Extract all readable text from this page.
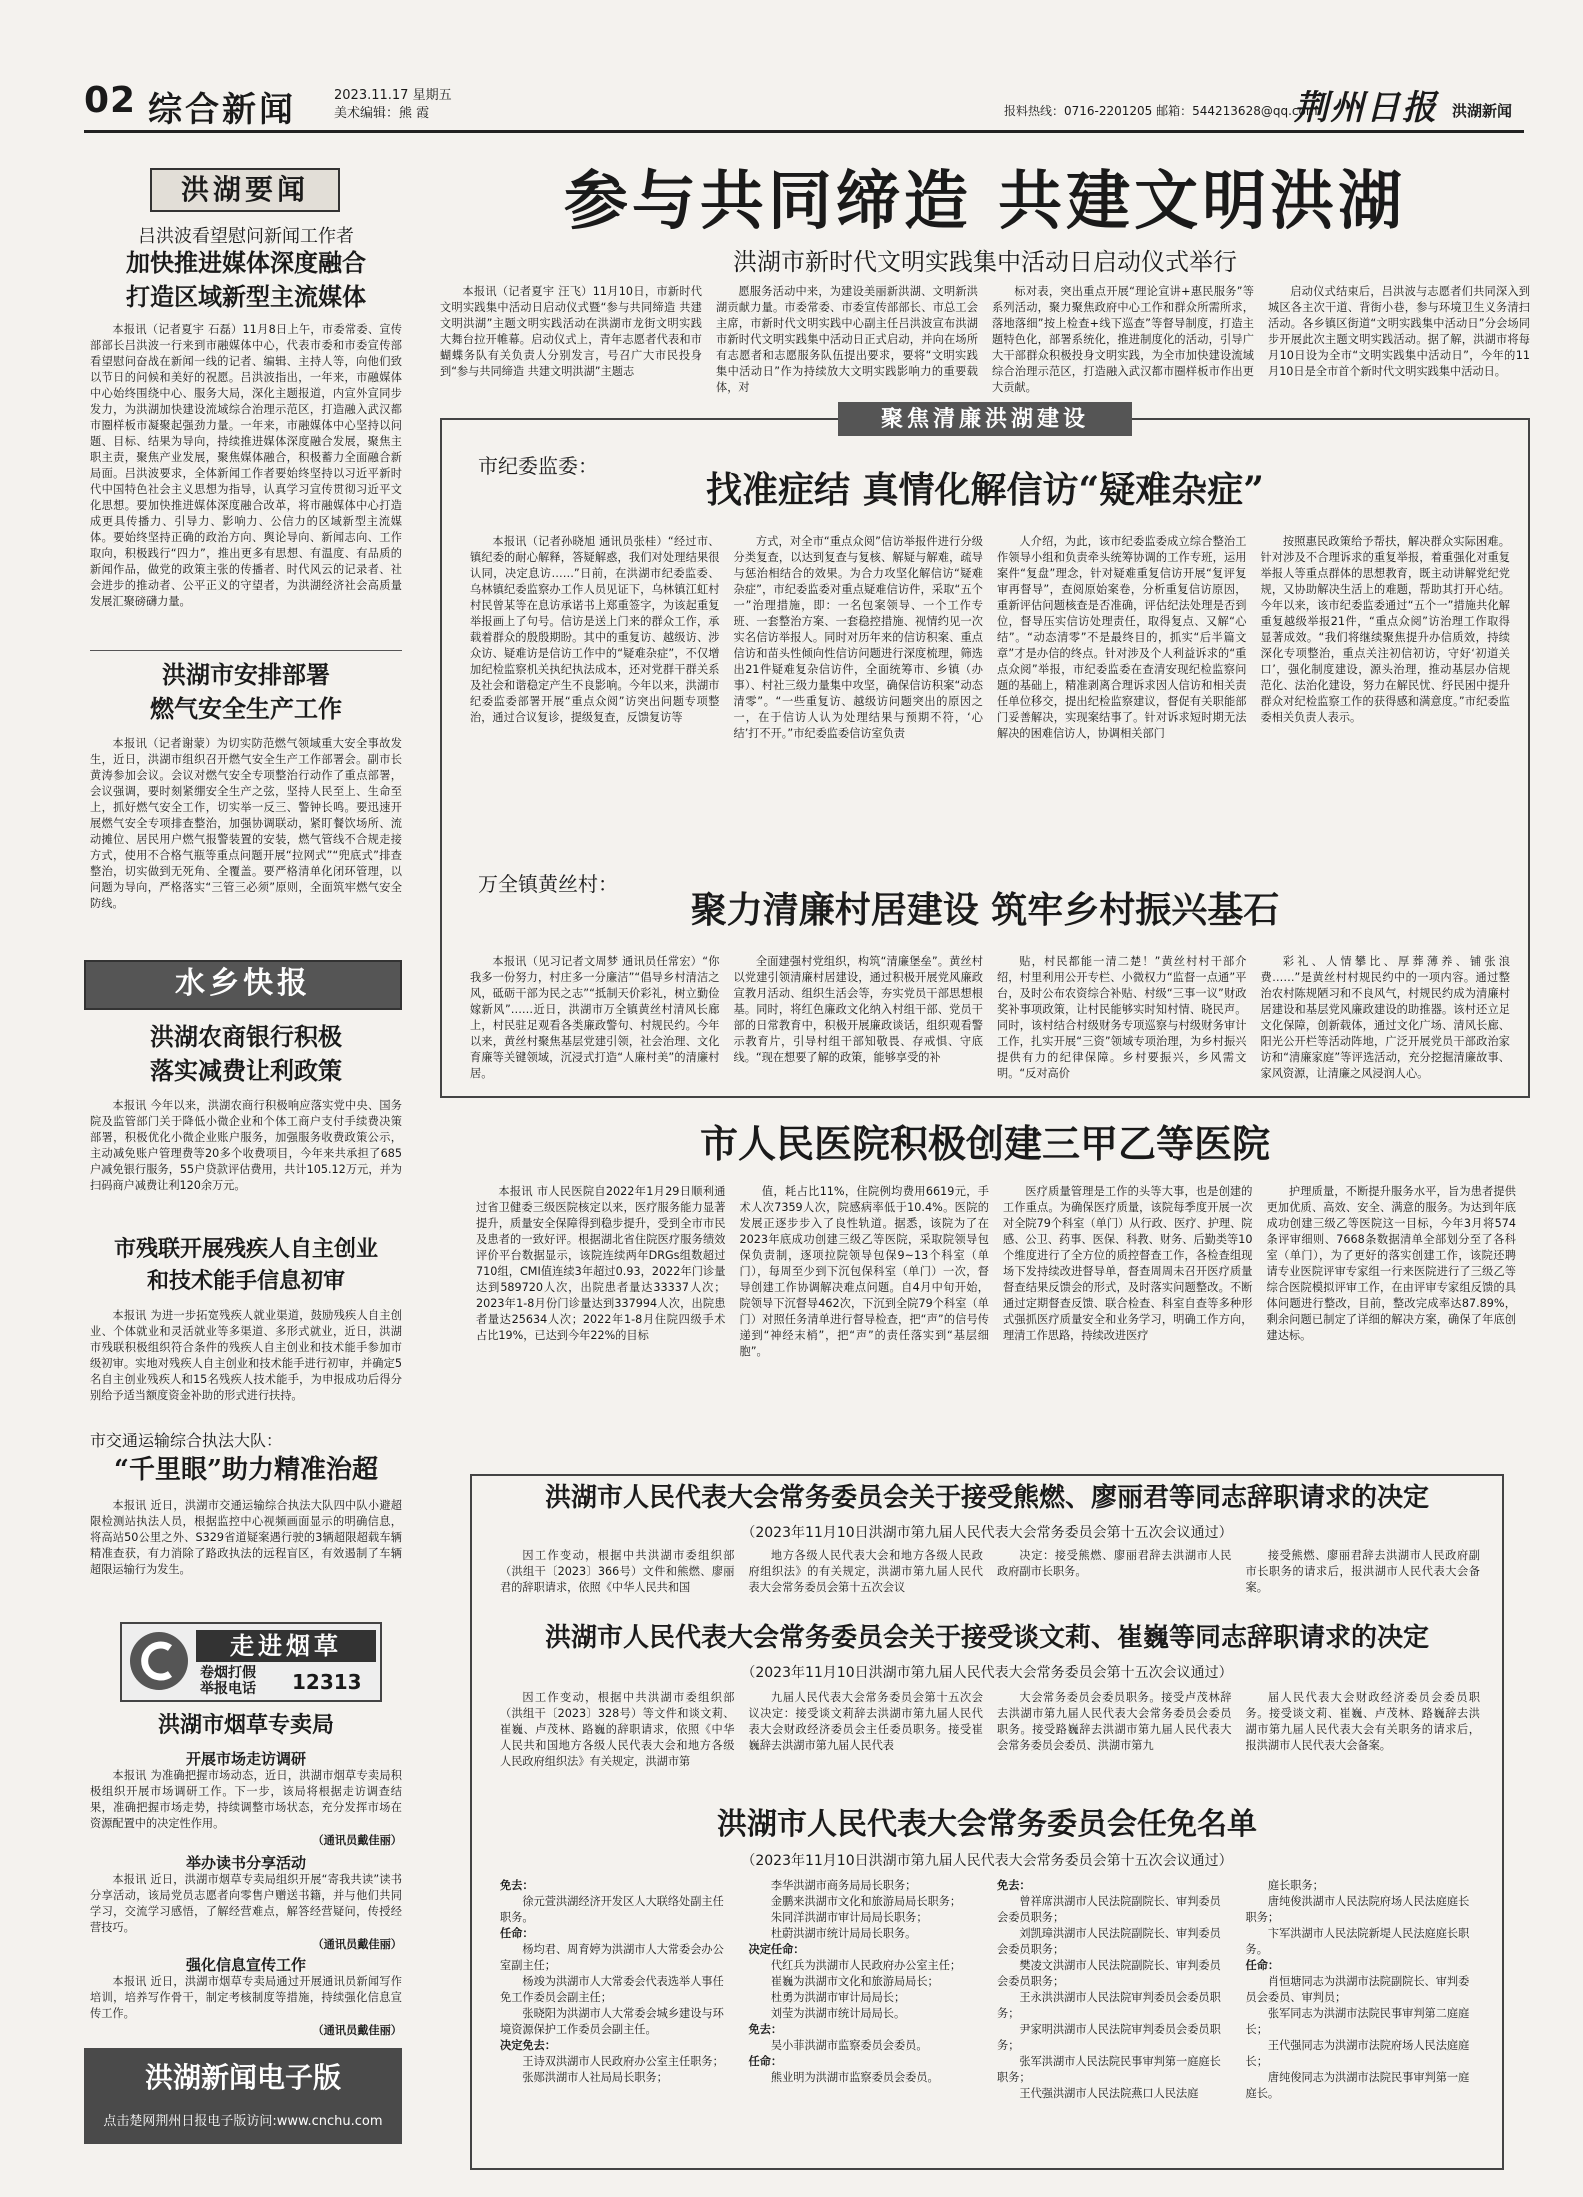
02 综合新闻	2023.11.17 星期五
美术编辑：熊 霞	报料热线：0716-2201205 邮箱：544213628@qq.com
荆州日报 洪湖新闻
洪湖要闻
吕洪波看望慰问新闻工作者
加快推进媒体深度融合
打造区域新型主流媒体
本报讯（记者夏宇 石磊）11月8日上午，市委常委、宣传部部长吕洪波一行来到市融媒体中心，代表市委和市委宣传部看望慰问奋战在新闻一线的记者、编辑、主持人等，向他们致以节日的问候和美好的祝愿。吕洪波指出，一年来，市融媒体中心始终围绕中心、服务大局，深化主题报道，内宣外宣同步发力，为洪湖加快建设流域综合治理示范区，打造融入武汉都市圈样板市凝聚起强劲力量。一年来，市融媒体中心坚持以问题、目标、结果为导向，持续推进媒体深度融合发展，聚焦主职主责，聚焦产业发展，聚焦媒体融合，积极蓄力全面融合新局面。吕洪波要求，全体新闻工作者要始终坚持以习近平新时代中国特色社会主义思想为指导，认真学习宣传贯彻习近平文化思想。要加快推进媒体深度融合改革，将市融媒体中心打造成更具传播力、引导力、影响力、公信力的区域新型主流媒体。要始终坚持正确的政治方向、舆论导向、新闻志向、工作取向，积极践行“四力”，推出更多有思想、有温度、有品质的新闻作品，做党的政策主张的传播者、时代风云的记录者、社会进步的推动者、公平正义的守望者，为洪湖经济社会高质量发展汇聚磅礴力量。
洪湖市安排部署
燃气安全生产工作
本报讯（记者谢蒙）为切实防范燃气领域重大安全事故发生，近日，洪湖市组织召开燃气安全生产工作部署会。副市长黄涛参加会议。会议对燃气安全专项整治行动作了重点部署，会议强调，要时刻紧绷安全生产之弦，坚持人民至上、生命至上，抓好燃气安全工作，切实举一反三、警钟长鸣。要迅速开展燃气安全专项排查整治，加强协调联动，紧盯餐饮场所、流动摊位、居民用户燃气报警装置的安装，燃气管线不合规走接方式，使用不合格气瓶等重点问题开展“拉网式”“兜底式”排查整治，切实做到无死角、全覆盖。要严格清单化闭环管理，以问题为导向，严格落实“三管三必须”原则，全面筑牢燃气安全防线。
水乡快报
洪湖农商银行积极
落实减费让利政策
本报讯 今年以来，洪湖农商行积极响应落实党中央、国务院及监管部门关于降低小微企业和个体工商户支付手续费决策部署，积极优化小微企业账户服务，加强服务收费政策公示，主动减免账户管理费等20多个收费项目，今年来共承担了685户减免银行服务，55户贷款评估费用，共计105.12万元，并为扫码商户减费让利120余万元。
市残联开展残疾人自主创业
和技术能手信息初审
本报讯 为进一步拓宽残疾人就业渠道，鼓励残疾人自主创业、个体就业和灵活就业等多渠道、多形式就业，近日，洪湖市残联积极组织符合条件的残疾人自主创业和技术能手参加市级初审。实地对残疾人自主创业和技术能手进行初审，并确定5名自主创业残疾人和15名残疾人技术能手，为申报成功后得分别给予适当额度资金补助的形式进行扶持。
市交通运输综合执法大队：
“千里眼”助力精准治超
本报讯 近日，洪湖市交通运输综合执法大队四中队小避超限检测站执法人员，根据监控中心视频画面显示的明确信息，将高站50公里之外、S329省道疑案遇行驶的3辆超限超载车辆精准查获，有力消除了路政执法的远程盲区，有效遏制了车辆超限运输行为发生。
走进烟草
卷烟打假
举报电话 12313
洪湖市烟草专卖局
开展市场走访调研
本报讯 为准确把握市场动态，近日，洪湖市烟草专卖局积极组织开展市场调研工作。下一步，该局将根据走访调查结果，准确把握市场走势，持续调整市场状态，充分发挥市场在资源配置中的决定性作用。
（通讯员戴佳丽）
举办读书分享活动
本报讯 近日，洪湖市烟草专卖局组织开展“寄我共读”读书分享活动，该局党员志愿者向零售户赠送书籍，并与他们共同学习，交流学习感悟，了解经营难点，解答经营疑问，传授经营技巧。
（通讯员戴佳丽）
强化信息宣传工作
本报讯 近日，洪湖市烟草专卖局通过开展通讯员新闻写作培训，培养写作骨干，制定考核制度等措施，持续强化信息宣传工作。
（通讯员戴佳丽）
洪湖新闻电子版
点击楚网荆州日报电子版访问:www.cnchu.com
参与共同缔造 共建文明洪湖
洪湖市新时代文明实践集中活动日启动仪式举行
本报讯（记者夏宇 汪飞）11月10日，市新时代文明实践集中活动日启动仪式暨“参与共同缔造 共建文明洪湖”主题文明实践活动在洪湖市龙街文明实践大舞台拉开帷幕。启动仪式上，青年志愿者代表和市蝴蝶务队有关负责人分别发言，号召广大市民投身到“参与共同缔造 共建文明洪湖”主题志
愿服务活动中来，为建设美丽新洪湖、文明新洪湖贡献力量。市委常委、市委宣传部部长、市总工会主席，市新时代文明实践中心副主任吕洪波宣布洪湖市新时代文明实践集中活动日正式启动，并向在场所有志愿者和志愿服务队伍提出要求，要将“文明实践集中活动日”作为持续放大文明实践影响力的重要载体，对
标对表，突出重点开展“理论宣讲+惠民服务”等系列活动，聚力聚焦政府中心工作和群众所需所求，落地落细”按上检查+线下巡查”等督导制度，打造主题特色化，部署系统化，推进制度化的活动，引导广大干部群众积极投身文明实践，为全市加快建设流域综合治理示范区，打造融入武汉都市圈样板市作出更大贡献。
启动仪式结束后，吕洪波与志愿者们共同深入到城区各主次干道、背街小巷，参与环境卫生义务清扫活动。各乡镇区街道“文明实践集中活动日”分会场同步开展此次主题文明实践活动。据了解，洪湖市将每月10日设为全市“文明实践集中活动日”，今年的11月10日是全市首个新时代文明实践集中活动日。
聚焦清廉洪湖建设
市纪委监委：
找准症结 真情化解信访“疑难杂症”
本报讯（记者孙晓旭 通讯员张桂）“经过市、镇纪委的耐心解释，答疑解惑，我们对处理结果很认同，决定息访……”日前，在洪湖市纪委监委、乌林镇纪委监察办工作人员见证下，乌林镇江虹村村民曾某等在息访承诺书上郑重签字，为该起重复举报画上了句号。信访是送上门来的群众工作，承载着群众的殷殷期盼。其中的重复访、越级访、涉众访、疑难访是信访工作中的“疑难杂症”，不仅增加纪检监察机关执纪执法成本，还对党群干群关系及社会和谐稳定产生不良影响。今年以来，洪湖市纪委监委部署开展“重点众阅”访突出问题专项整治，通过合议复诊，提级复查，反馈复访等
方式，对全市“重点众阅”信访举报件进行分级分类复查，以达到复查与复核、解疑与解难，疏导与惩治相结合的效果。为合力攻坚化解信访“疑难杂症”，市纪委监委对重点疑难信访件，采取“五个一”治理措施，即：一名包案领导、一个工作专班、一套整治方案、一套稳控措施、视情约见一次实名信访举报人。同时对历年来的信访积案、重点信访和苗头性倾向性信访问题进行深度梳理，筛选出21件疑难复杂信访件，全面统筹市、乡镇（办事）、村社三级力量集中攻坚，确保信访积案“动态清零”。“一些重复访、越级访问题突出的原因之一，在于信访人认为处理结果与预期不符，‘心结’打不开。”市纪委监委信访室负责
人介绍，为此，该市纪委监委成立综合整治工作领导小组和负责牵头统筹协调的工作专班，运用案件“复盘”理念，针对疑难重复信访开展“复评复审再督导”，查阅原始案卷，分析重复信访原因，重新评估问题核查是否准确，评估纪法处理是否到位，督导压实信访处理责任，取得复点、又解“心结”。“动态清零”不是最终目的，抓实“后半篇文章”才是办信的终点。针对涉及个人利益诉求的“重点众阅”举报，市纪委监委在查清安现纪检监察问题的基础上，精准剥离合理诉求因人信访和相关责任单位移交，提出纪检监察建议，督促有关职能部门妥善解决，实现案结事了。针对诉求短时期无法解决的困难信访人，协调相关部门
按照惠民政策给予帮扶，解决群众实际困难。针对涉及不合理诉求的重复举报，着重强化对重复举报人等重点群体的思想教育，既主动讲解党纪党规，又协助解决生活上的难题，帮助其打开心结。今年以来，该市纪委监委通过“五个一”措施共化解重复越级举报21件，“重点众阅”访治理工作取得显著成效。“我们将继续聚焦提升办信质效，持续深化专项整治，重点关注初信初访，守好‘初道关口’，强化制度建设，源头治理，推动基层办信规范化、法治化建设，努力在解民忧、纾民困中提升群众对纪检监察工作的获得感和满意度。”市纪委监委相关负责人表示。
万全镇黄丝村：
聚力清廉村居建设 筑牢乡村振兴基石
本报讯（见习记者文周梦 通讯员任常宏）“你我多一份努力，村庄多一分廉洁”“倡导乡村清洁之风，砥砺干部为民之志”“抵制天价彩礼，树立勤俭嫁新风”……近日，洪湖市万全镇黄丝村清风长廊上，村民驻足观看各类廉政警句、村规民约。今年以来，黄丝村聚焦基层党建引领，社会治理、文化育廉等关键领域，沉浸式打造“人廉村美”的清廉村居。
全面建强村党组织，构筑“清廉堡垒”。黄丝村以党建引领清廉村居建设，通过积极开展党风廉政宣教月活动、组织生活会等，夯实党员干部思想根基。同时，将红色廉政文化纳入村组干部、党员干部的日常教育中，积极开展廉政谈话，组织观看警示教育片，引导村组干部知敬畏、存戒惧、守底线。“现在想要了解的政策，能够享受的补
贴，村民都能一清二楚！”黄丝村村干部介绍，村里利用公开专栏、小微权力“监督一点通”平台，及时公布农资综合补贴、村级“三事一议”财政奖补事项政策，让村民能够实时知村情、晓民声。同时，该村结合村级财务专项巡察与村级财务审计工作，扎实开展“三资”领域专项治理，为乡村振兴提供有力的纪律保障。乡村要振兴，乡风需文明。“反对高价
彩礼、人情攀比、厚葬薄养、铺张浪费……”是黄丝村村规民约中的一项内容。通过整治农村陈规陋习和不良风气，村规民约成为清廉村居建设和基层党风廉政建设的助推器。该村还立足文化保障，创新载体，通过文化广场、清风长廊、阳光公开栏等活动阵地，广泛开展党员干部政治家访和“清廉家庭”等评选活动，充分挖掘清廉故事、家风资源，让清廉之风浸润人心。
市人民医院积极创建三甲乙等医院
本报讯 市人民医院自2022年1月29日顺利通过省卫健委三级医院核定以来，医疗服务能力显著提升，质量安全保障得到稳步提升，受到全市市民及患者的一致好评。根据湖北省住院医疗服务绩效评价平台数据显示，该院连续两年DRGs组数超过710组，CMI值连续3年超过0.93，2022年门诊量达到589720人次，出院患者量达33337人次；2023年1-8月份门诊量达到337994人次，出院患者量达25634人次；2022年1-8月住院四级手术占比19%，已达到今年22%的目标
值，耗占比11%，住院例均费用6619元，手术人次7359人次，院感病率低于10.4%。医院的发展正逐步步入了良性轨道。据悉，该院为了在2023年底成功创建三级乙等医院，采取院领导包保负责制，逐项拉院领导包保9~13个科室（单门），每周至少到下沉包保科室（单门）一次，督导创建工作协调解决难点问题。自4月中旬开始，院领导下沉督导462次，下沉到全院79个科室（单门）对照任务清单进行督导检查，把“声”的信号传递到“神经末梢”，把“声”的责任落实到“基层细胞”。
医疗质量管理是工作的头等大事，也是创建的工作重点。为确保医疗质量，该院每季度开展一次对全院79个科室（单门）从行政、医疗、护理、院感、公卫、药事、医保、科教、财务、后勤类等10个维度进行了全方位的质控督查工作，各检查组现场下发持续改进督导单，督查周周未召开医疗质量督查结果反馈会的形式，及时落实问题整改。不断通过定期督查反馈、联合检查、科室自查等多种形式强抓医疗质量安全和业务学习，明确工作方向，理清工作思路，持续改进医疗
护理质量，不断提升服务水平，旨为患者提供更加优质、高效、安全、满意的服务。为达到年底成功创建三级乙等医院这一目标，今年3月将574条评审细则、7668条数据清单全部划分至了各科室（单门），为了更好的落实创建工作，该院还聘请专业医院评审专家组一行来医院进行了三级乙等综合医院模拟评审工作，在由评审专家组反馈的具体问题进行整改，目前，整改完成率达87.89%，剩余问题已制定了详细的解决方案，确保了年底创建达标。
洪湖市人民代表大会常务委员会关于接受熊燃、廖丽君等同志辞职请求的决定
（2023年11月10日洪湖市第九届人民代表大会常务委员会第十五次会议通过）
因工作变动，根据中共洪湖市委组织部（洪组干〔2023〕366号）文件和熊燃、廖丽君的辞职请求，依照《中华人民共和国
地方各级人民代表大会和地方各级人民政府组织法》的有关规定，洪湖市第九届人民代表大会常务委员会第十五次会议
决定：接受熊燃、廖丽君辞去洪湖市人民政府副市长职务。
接受熊燃、廖丽君辞去洪湖市人民政府副市长职务的请求后，报洪湖市人民代表大会备案。
洪湖市人民代表大会常务委员会关于接受谈文莉、崔巍等同志辞职请求的决定
（2023年11月10日洪湖市第九届人民代表大会常务委员会第十五次会议通过）
因工作变动，根据中共洪湖市委组织部（洪组干〔2023〕328号）等文件和谈文莉、崔巍、卢茂林、路巍的辞职请求，依照《中华人民共和国地方各级人民代表大会和地方各级人民政府组织法》有关规定，洪湖市第
九届人民代表大会常务委员会第十五次会议决定：接受谈文莉辞去洪湖市第九届人民代表大会财政经济委员会主任委员职务。接受崔巍辞去洪湖市第九届人民代表
大会常务委员会委员职务。接受卢茂林辞去洪湖市第九届人民代表大会常务委员会委员职务。接受路巍辞去洪湖市第九届人民代表大会常务委员会委员、洪湖市第九
届人民代表大会财政经济委员会委员职务。接受谈文莉、崔巍、卢茂林、路巍辞去洪湖市第九届人民代表大会有关职务的请求后，报洪湖市人民代表大会备案。
洪湖市人民代表大会常务委员会任免名单
（2023年11月10日洪湖市第九届人民代表大会常务委员会第十五次会议通过）

免去：

徐元萱洪湖经济开发区人大联络处副主任职务。

任命：

杨均君、周育婷为洪湖市人大常委会办公室副主任；

杨竣为洪湖市人大常委会代表选举人事任免工作委员会副主任；

张晓阳为洪湖市人大常委会城乡建设与环境资源保护工作委员会副主任。

决定免去：

王诗双洪湖市人民政府办公室主任职务；

张郧洪湖市人社局局长职务；

李华洪湖市商务局局长职务；

金鹏来洪湖市文化和旅游局局长职务；

朱同洋洪湖市审计局局长职务；

杜蔚洪湖市统计局局长职务。

决定任命：

代红兵为洪湖市人民政府办公室主任；

崔巍为洪湖市文化和旅游局局长；

杜勇为洪湖市审计局局长；

刘莹为洪湖市统计局局长。

免去：

吴小菲洪湖市监察委员会委员。

任命：

熊业明为洪湖市监察委员会委员。

免去：

曾祥席洪湖市人民法院副院长、审判委员会委员职务；

刘凯璋洪湖市人民法院副院长、审判委员会委员职务；

樊凌文洪湖市人民法院副院长、审判委员会委员职务；

王永洪洪湖市人民法院审判委员会委员职务；

尹家明洪湖市人民法院审判委员会委员职务；

张军洪湖市人民法院民事审判第一庭庭长职务；

王代强洪湖市人民法院燕口人民法庭

庭长职务；

唐纯俊洪湖市人民法院府场人民法庭庭长职务；

卞军洪湖市人民法院新堤人民法庭庭长职务。

任命：

肖恒塘同志为洪湖市法院副院长、审判委员会委员、审判员；

张军同志为洪湖市法院民事审判第二庭庭长；

王代强同志为洪湖市法院府场人民法庭庭长；

唐纯俊同志为洪湖市法院民事审判第一庭庭长。
